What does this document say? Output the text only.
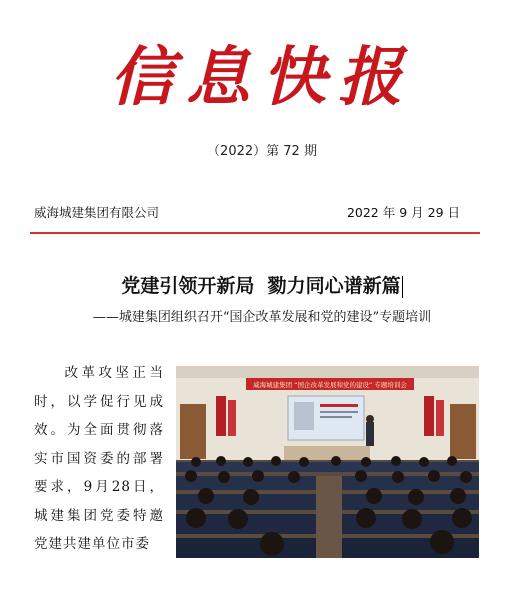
信息快报
（2022）第 72 期
威海城建集团有限公司	2022 年 9 月 29 日
党建引领开新局  勠力同心谱新篇
——城建集团组织召开“国企改革发展和党的建设”专题培训
改革攻坚正当时，以学促行见成效。为全面贯彻落实市国资委的部署要求，9月28日，城建集团党委特邀党建共建单位市委
威海城建集团 “国企改革发展和党的建设” 专题培训会
